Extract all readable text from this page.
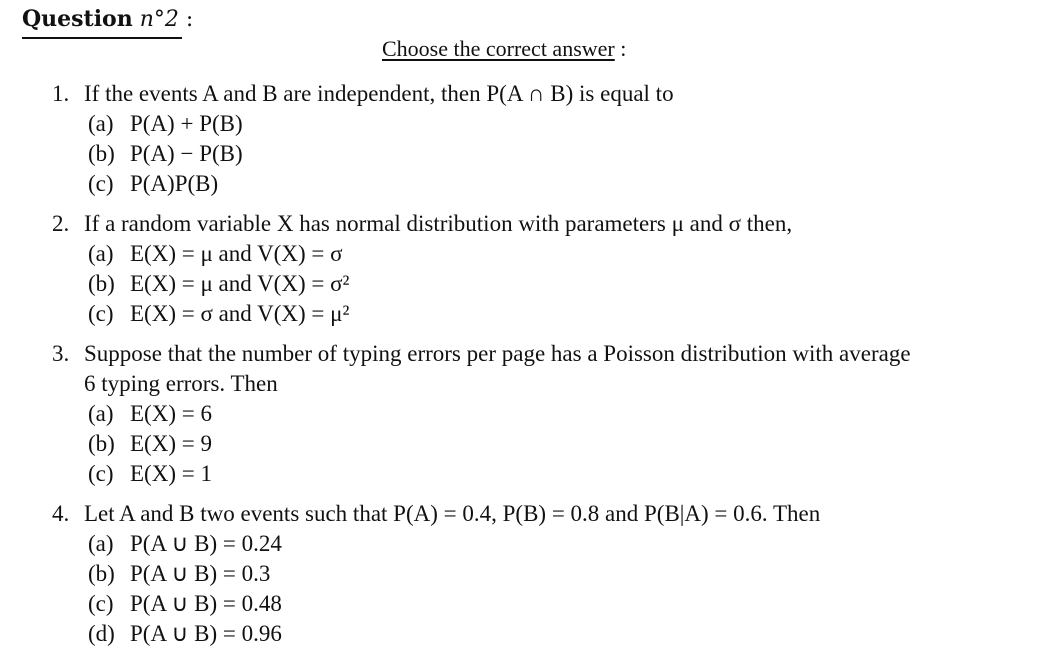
Question n°2 :
Choose the correct answer :
1. If the events A and B are independent, then P(A ∩ B) is equal to
(a) P(A) + P(B)
(b) P(A) − P(B)
(c) P(A)P(B)
2. If a random variable X has normal distribution with parameters μ and σ then,
(a) E(X) = μ and V(X) = σ
(b) E(X) = μ and V(X) = σ²
(c) E(X) = σ and V(X) = μ²
3. Suppose that the number of typing errors per page has a Poisson distribution with average
6 typing errors. Then
(a) E(X) = 6
(b) E(X) = 9
(c) E(X) = 1
4. Let A and B two events such that P(A) = 0.4, P(B) = 0.8 and P(B|A) = 0.6. Then
(a) P(A ∪ B) = 0.24
(b) P(A ∪ B) = 0.3
(c) P(A ∪ B) = 0.48
(d) P(A ∪ B) = 0.96
